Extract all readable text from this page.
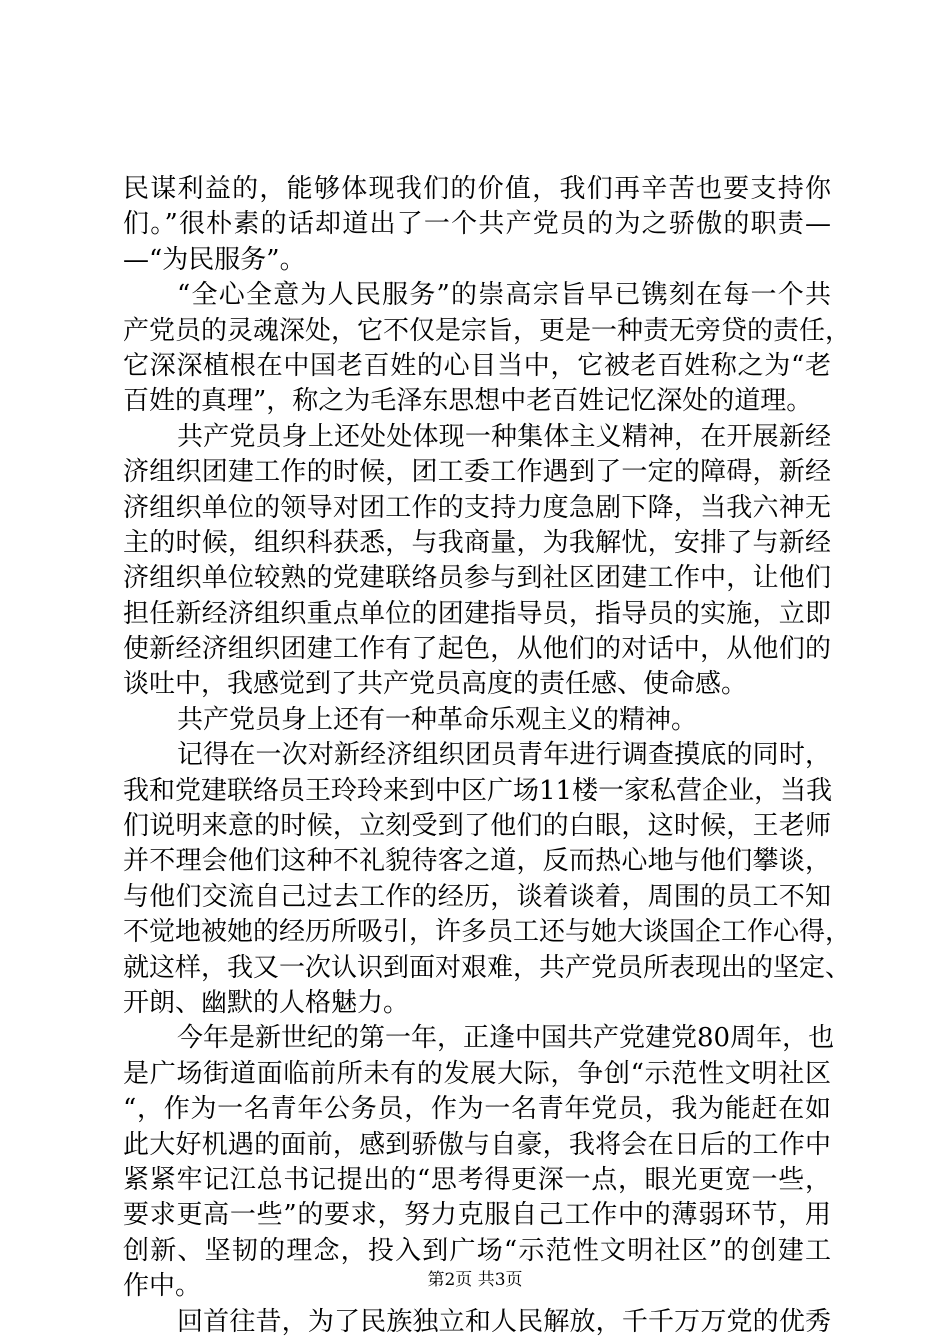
民谋利益的，能够体现我们的价值，我们再辛苦也要支持你
们。”很朴素的话却道出了一个共产党员的为之骄傲的职责—
—“为民服务”。
“全心全意为人民服务”的崇高宗旨早已镌刻在每一个共
产党员的灵魂深处，它不仅是宗旨，更是一种责无旁贷的责任，
它深深植根在中国老百姓的心目当中，它被老百姓称之为“老
百姓的真理”，称之为毛泽东思想中老百姓记忆深处的道理。
共产党员身上还处处体现一种集体主义精神，在开展新经
济组织团建工作的时候，团工委工作遇到了一定的障碍，新经
济组织单位的领导对团工作的支持力度急剧下降，当我六神无
主的时候，组织科获悉，与我商量，为我解忧，安排了与新经
济组织单位较熟的党建联络员参与到社区团建工作中，让他们
担任新经济组织重点单位的团建指导员，指导员的实施，立即
使新经济组织团建工作有了起色，从他们的对话中，从他们的
谈吐中，我感觉到了共产党员高度的责任感、使命感。
共产党员身上还有一种革命乐观主义的精神。
记得在一次对新经济组织团员青年进行调查摸底的同时，
我和党建联络员王玲玲来到中区广场11楼一家私营企业，当我
们说明来意的时候，立刻受到了他们的白眼，这时候，王老师
并不理会他们这种不礼貌待客之道，反而热心地与他们攀谈，
与他们交流自己过去工作的经历，谈着谈着，周围的员工不知
不觉地被她的经历所吸引，许多员工还与她大谈国企工作心得，
就这样，我又一次认识到面对艰难，共产党员所表现出的坚定、
开朗、幽默的人格魅力。
今年是新世纪的第一年，正逢中国共产党建党80周年，也
是广场街道面临前所未有的发展大际，争创“示范性文明社区
“，作为一名青年公务员，作为一名青年党员，我为能赶在如
此大好机遇的面前，感到骄傲与自豪，我将会在日后的工作中
紧紧牢记江总书记提出的“思考得更深一点，眼光更宽一些，
要求更高一些”的要求，努力克服自己工作中的薄弱环节，用
创新、坚韧的理念，投入到广场“示范性文明社区”的创建工
作中。
回首往昔，为了民族独立和人民解放，千千万万党的优秀
第2页 共3页
